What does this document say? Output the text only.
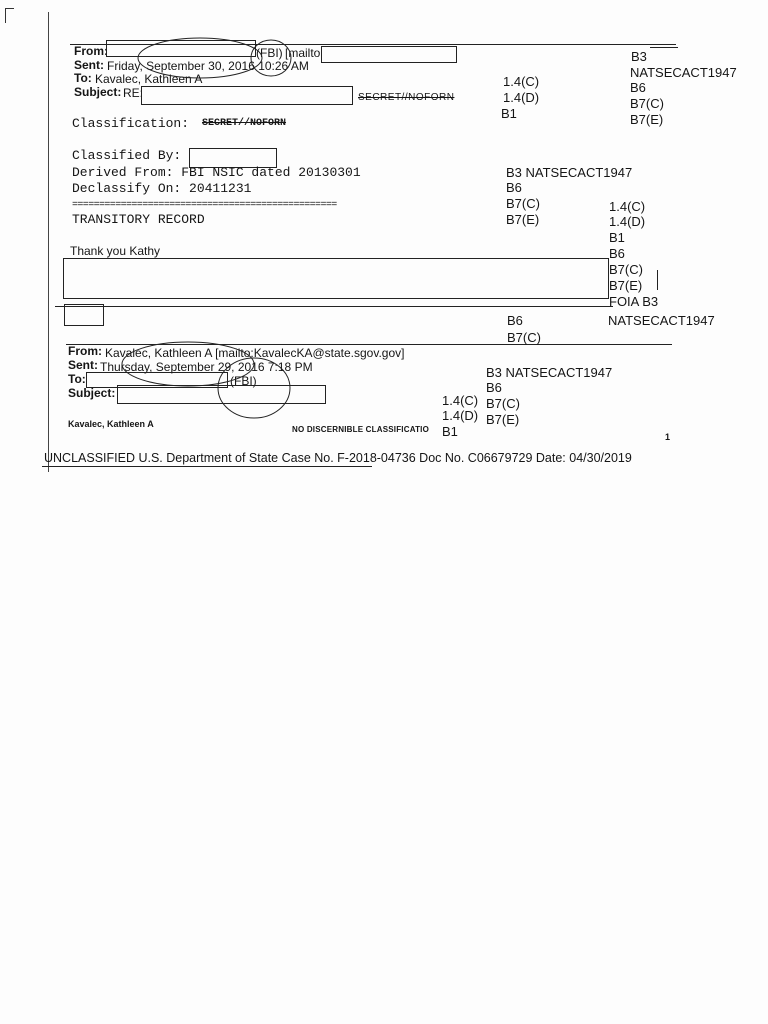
From:	(FBI) [mailto
Sent: Friday, September 30, 2016 10:26 AM
To: Kavalec, Kathleen A
Subject: RE:	SECRET//NOFORN
Classification: SECRET//NOFORN
Classified By:
Derived From: FBI NSIC dated 20130301
Declassify On: 20411231
=================================================
TRANSITORY RECORD
Thank you Kathy
From: Kavalec, Kathleen A [mailto:KavalecKA@state.sgov.gov]
Sent: Thursday, September 29, 2016 7:18 PM
To:	(FBI)
Subject:
Kavalec, Kathleen A
NO DISCERNIBLE CLASSIFICATIO
1
B3
NATSECACT1947
B6
B7(C)
B7(E)
1.4(C)
1.4(D)
B1
B3 NATSECACT1947
B6
B7(C)
B7(E)
1.4(C)
1.4(D)
B1
B6
B7(C)
B7(E)
FOIA B3
NATSECACT1947
B6
B7(C)
B3 NATSECACT1947
B6
B7(C)
B7(E)
1.4(C)
1.4(D)
B1
UNCLASSIFIED U.S. Department of State Case No. F-2018-04736 Doc No. C06679729 Date: 04/30/2019
